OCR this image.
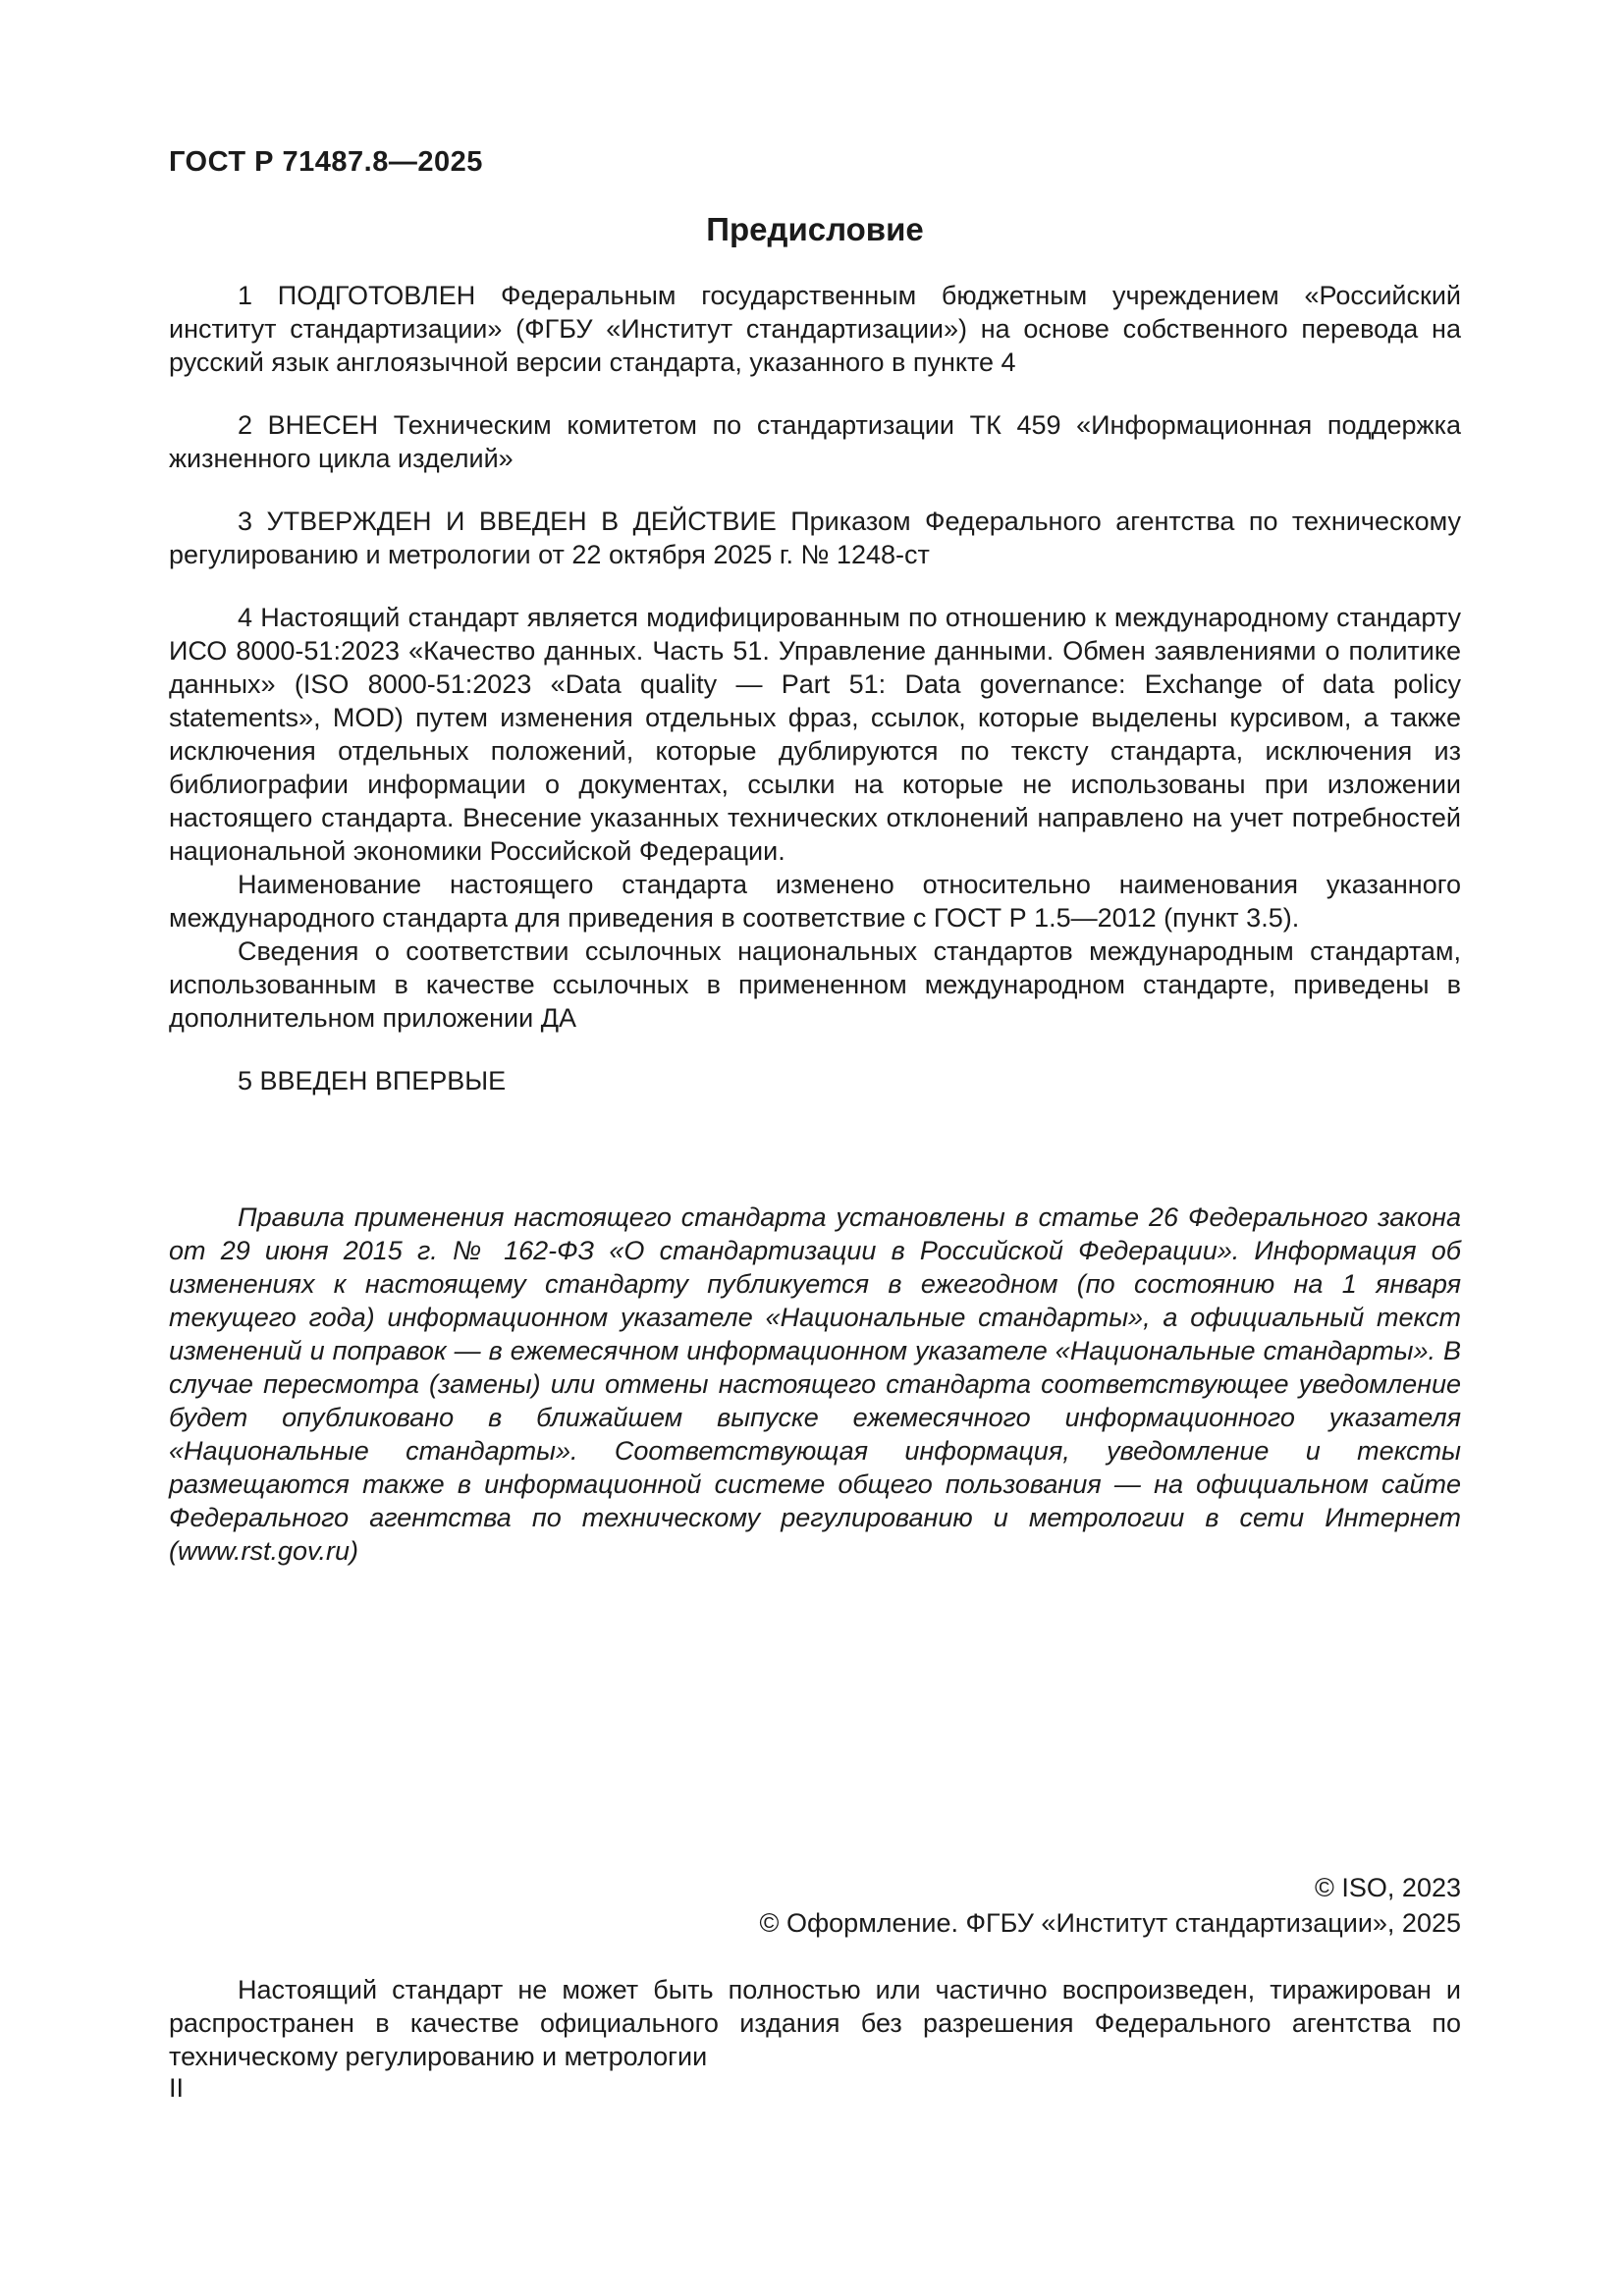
ГОСТ Р 71487.8—2025
Предисловие

1 ПОДГОТОВЛЕН Федеральным государственным бюджетным учреждением «Российский институт стандартизации» (ФГБУ «Институт стандартизации») на основе собственного перевода на русский язык англоязычной версии стандарта, указанного в пункте 4

2 ВНЕСЕН Техническим комитетом по стандартизации ТК 459 «Информационная поддержка жизненного цикла изделий»

3 УТВЕРЖДЕН И ВВЕДЕН В ДЕЙСТВИЕ Приказом Федерального агентства по техническому регулированию и метрологии от 22 октября 2025 г. № 1248-ст

4 Настоящий стандарт является модифицированным по отношению к международному стандарту ИСО 8000-51:2023 «Качество данных. Часть 51. Управление данными. Обмен заявлениями о политике данных» (ISO 8000-51:2023 «Data quality — Part 51: Data governance: Exchange of data policy statements», MOD) путем изменения отдельных фраз, ссылок, которые выделены курсивом, а также исключения отдельных положений, которые дублируются по тексту стандарта, исключения из библиографии информации о документах, ссылки на которые не использованы при изложении настоящего стандарта. Внесение указанных технических отклонений направлено на учет потребностей национальной экономики Российской Федерации.

Наименование настоящего стандарта изменено относительно наименования указанного международного стандарта для приведения в соответствие с ГОСТ Р 1.5—2012 (пункт 3.5).

Сведения о соответствии ссылочных национальных стандартов международным стандартам, использованным в качестве ссылочных в примененном международном стандарте, приведены в дополнительном приложении ДА

5 ВВЕДЕН ВПЕРВЫЕ

Правила применения настоящего стандарта установлены в статье 26 Федерального закона от 29 июня 2015 г. № 162-ФЗ «О стандартизации в Российской Федерации». Информация об изменениях к настоящему стандарту публикуется в ежегодном (по состоянию на 1 января текущего года) информационном указателе «Национальные стандарты», а официальный текст изменений и поправок — в ежемесячном информационном указателе «Национальные стандарты». В случае пересмотра (замены) или отмены настоящего стандарта соответствующее уведомление будет опубликовано в ближайшем выпуске ежемесячного информационного указателя «Национальные стандарты». Соответствующая информация, уведомление и тексты размещаются также в информационной системе общего пользования — на официальном сайте Федерального агентства по техническому регулированию и метрологии в сети Интернет (www.rst.gov.ru)

© ISO, 2023
© Оформление. ФГБУ «Институт стандартизации», 2025

Настоящий стандарт не может быть полностью или частично воспроизведен, тиражирован и распространен в качестве официального издания без разрешения Федерального агентства по техническому регулированию и метрологии

II
